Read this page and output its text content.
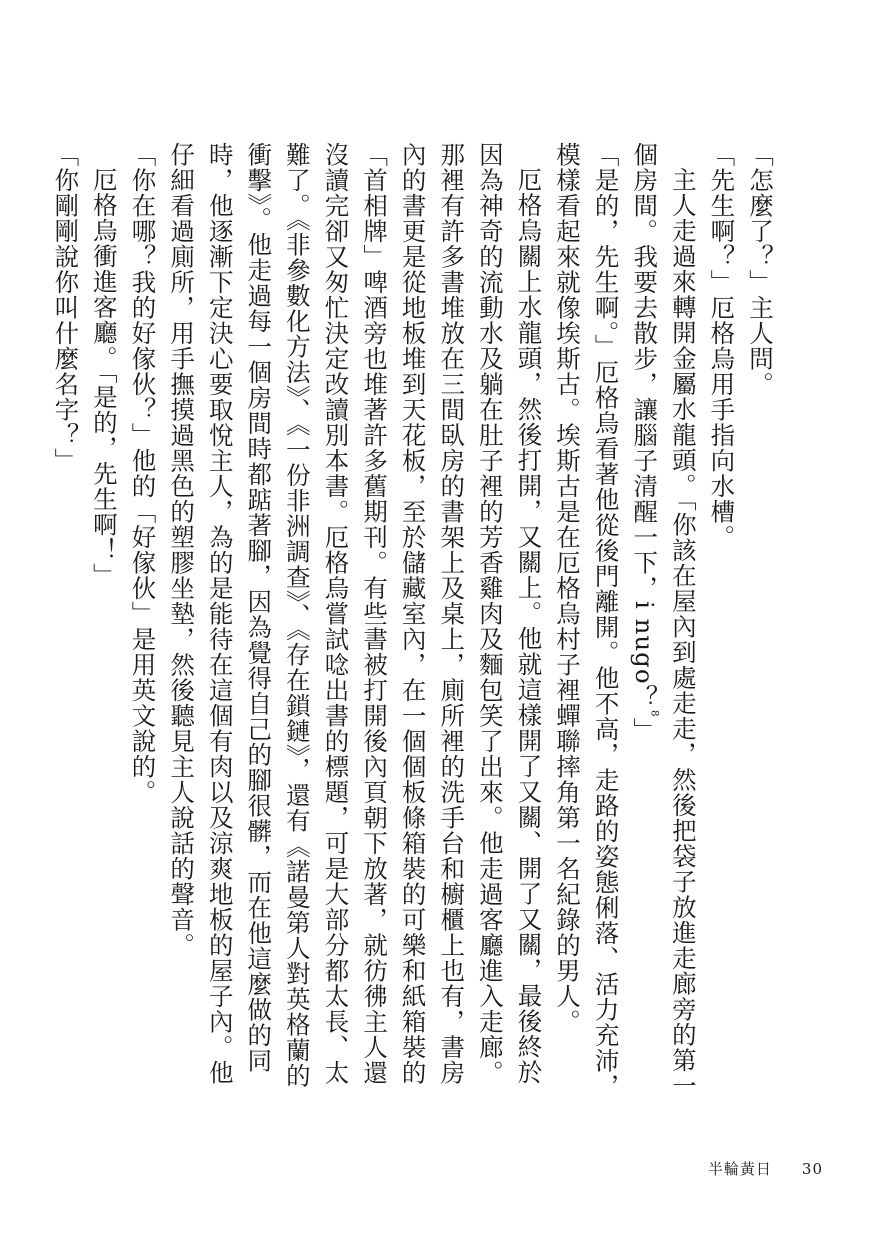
「怎麼了？」主人問。

「先生啊？」厄格烏用手指向水槽。

主人走過來轉開金屬水龍頭。「你該在屋內到處走走，然後把袋子放進走廊旁的第一個房間。我要去散步，讓腦子清醒一下，i nugo？$^8$」

「是的，先生啊。」厄格烏看著他從後門離開。他不高，走路的姿態俐落、活力充沛，模樣看起來就像埃斯古。埃斯古是在厄格烏村子裡蟬聯摔角第一名紀錄的男人。

厄格烏關上水龍頭，然後打開，又關上。他就這樣開了又關、開了又關，最後終於因為神奇的流動水及躺在肚子裡的芳香雞肉及麵包笑了出來。他走過客廳進入走廊。那裡有許多書堆放在三間臥房的書架上及桌上，廁所裡的洗手台和櫥櫃上也有，書房內的書更是從地板堆到天花板，至於儲藏室內，在一個個板條箱裝的可樂和紙箱裝的「首相牌」啤酒旁也堆著許多舊期刊。有些書被打開後內頁朝下放著，就彷彿主人還沒讀完卻又匆忙決定改讀別本書。厄格烏嘗試唸出書的標題，可是大部分都太長、太難了。《非參數化方法》、《一份非洲調查》、《存在鎖鏈》，還有《諾曼第人對英格蘭的衝擊》。他走過每一個房間時都踮著腳，因為覺得自己的腳很髒，而在他這麼做的同時，他逐漸下定決心要取悅主人，為的是能待在這個有肉以及涼爽地板的屋子內。他仔細看過廁所，用手撫摸過黑色的塑膠坐墊，然後聽見主人說話的聲音。

「你在哪？我的好傢伙？」他的「好傢伙」是用英文說的。

厄格烏衝進客廳。「是的，先生啊！」

「你剛剛說你叫什麼名字？」

半輪黃日 30
